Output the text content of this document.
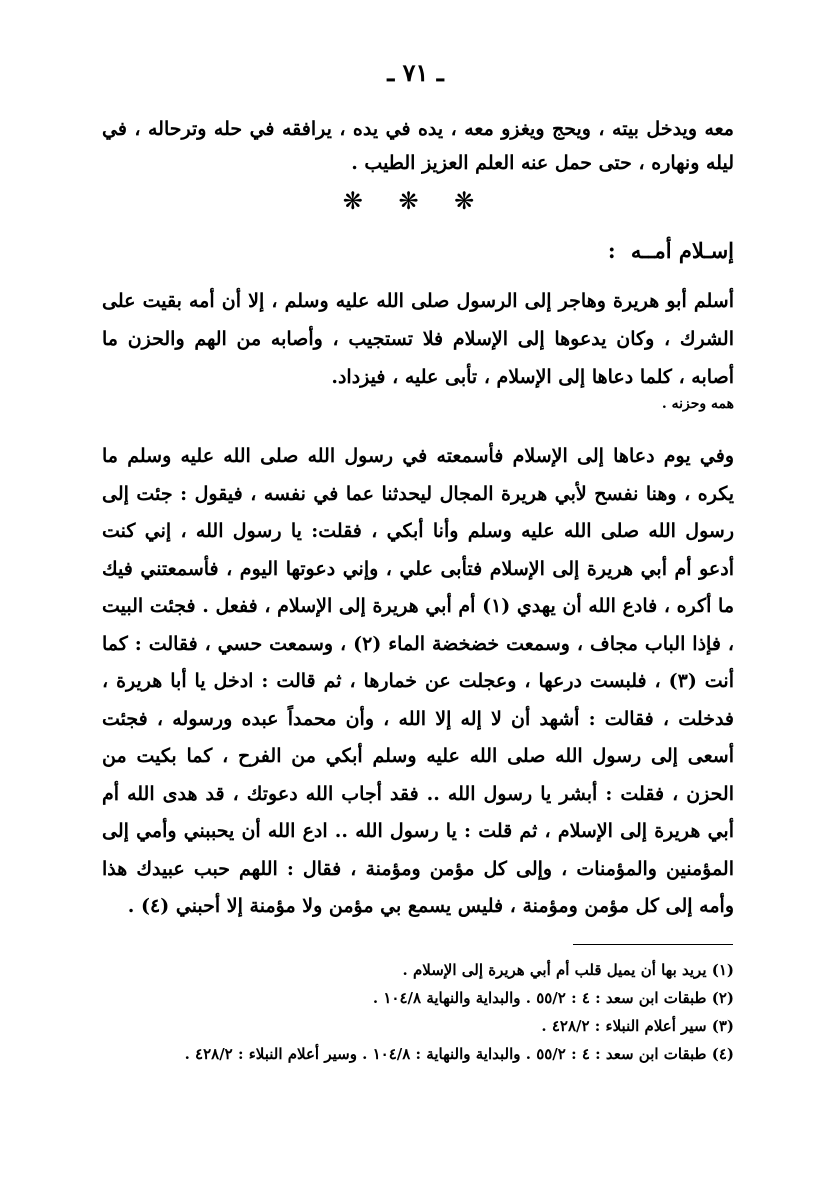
ـ ٧١ ـ
معه ويدخل بيته ، ويحج ويغزو معه ، يده في يده ، يرافقه في حله وترحاله ، في ليله ونهاره ، حتى حمل عنه العلم العزيز الطيب .
❋ ❋ ❋
إسـلام أمــه :
أسلم أبو هريرة وهاجر إلى الرسول صلى الله عليه وسلم ، إلا أن أمه بقيت على الشرك ، وكان يدعوها إلى الإسلام فلا تستجيب ، وأصابه من الهم والحزن ما أصابه ، كلما دعاها إلى الإسلام ، تأبى عليه ، فيزداد.
همه وحزنه .
وفي يوم دعاها إلى الإسلام فأسمعته في رسول الله صلى الله عليه وسلم ما يكره ، وهنا نفسح لأبي هريرة المجال ليحدثنا عما في نفسه ، فيقول : جئت إلى رسول الله صلى الله عليه وسلم وأنا أبكي ، فقلت: يا رسول الله ، إني كنت أدعو أم أبي هريرة إلى الإسلام فتأبى علي ، وإني دعوتها اليوم ، فأسمعتني فيك ما أكره ، فادع الله أن يهدي (١) أم أبي هريرة إلى الإسلام ، ففعل . فجئت البيت ، فإذا الباب مجاف ، وسمعت خضخضة الماء (٢) ، وسمعت حسي ، فقالت : كما أنت (٣) ، فلبست درعها ، وعجلت عن خمارها ، ثم قالت : ادخل يا أبا هريرة ، فدخلت ، فقالت : أشهد أن لا إله إلا الله ، وأن محمداً عبده ورسوله ، فجئت أسعى إلى رسول الله صلى الله عليه وسلم أبكي من الفرح ، كما بكيت من الحزن ، فقلت : أبشر يا رسول الله .. فقد أجاب الله دعوتك ، قد هدى الله أم أبي هريرة إلى الإسلام ، ثم قلت : يا رسول الله .. ادع الله أن يحببني وأمي إلى المؤمنين والمؤمنات ، وإلى كل مؤمن ومؤمنة ، فقال : اللهم حبب عبيدك هذا وأمه إلى كل مؤمن ومؤمنة ، فليس يسمع بي مؤمن ولا مؤمنة إلا أحبني (٤) .

(١) يريد بها أن يميل قلب أم أبي هريرة إلى الإسلام .

(٢) طبقات ابن سعد : ٤ : ٥٥/٢ . والبداية والنهاية ١٠٤/٨ .

(٣) سير أعلام النبلاء : ٤٢٨/٢ .

(٤) طبقات ابن سعد : ٤ : ٥٥/٢ . والبداية والنهاية : ١٠٤/٨ . وسير أعلام النبلاء : ٤٢٨/٢ .
